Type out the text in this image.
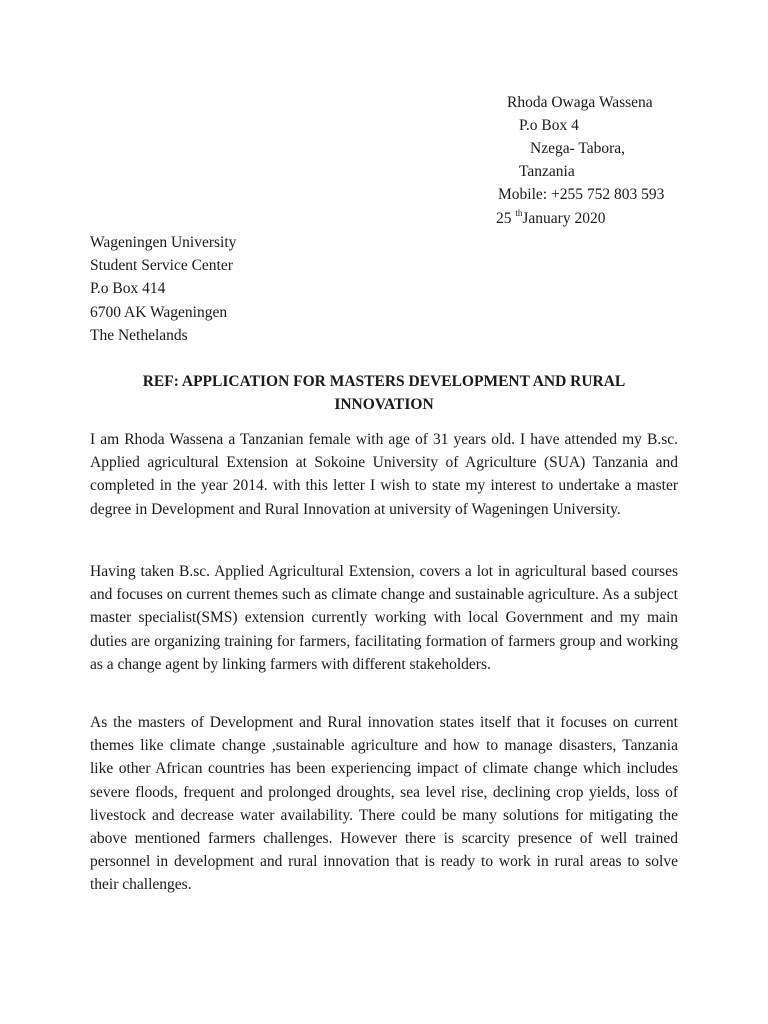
Rhoda Owaga Wassena
P.o Box 4
Nzega- Tabora,
Tanzania
Mobile: +255 752 803 593
25 $^{th}$January 2020
Wageningen University
Student Service Center
P.o Box 414
6700 AK Wageningen
The Nethelands
REF: APPLICATION FOR MASTERS DEVELOPMENT AND RURAL
INNOVATION

I am Rhoda Wassena a Tanzanian female with age of 31 years old. I have attended my B.sc. Applied agricultural Extension at Sokoine University of Agriculture (SUA) Tanzania and completed in the year 2014. with this letter I wish to state my interest to undertake a master degree in Development and Rural Innovation at university of Wageningen University.

Having taken B.sc. Applied Agricultural Extension, covers a lot in agricultural based courses and focuses on current themes such as climate change and sustainable agriculture. As a subject master specialist(SMS) extension currently working with local Government and my main duties are organizing training for farmers, facilitating formation of farmers group and working as a change agent by linking farmers with different stakeholders.

As the masters of Development and Rural innovation states itself that it focuses on current themes like climate change ,sustainable agriculture and how to manage disasters, Tanzania like other African countries has been experiencing impact of climate change which includes severe floods, frequent and prolonged droughts, sea level rise, declining crop yields, loss of livestock and decrease water availability. There could be many solutions for mitigating the above mentioned farmers challenges. However there is scarcity presence of well trained personnel in development and rural innovation that is ready to work in rural areas to solve their challenges.
